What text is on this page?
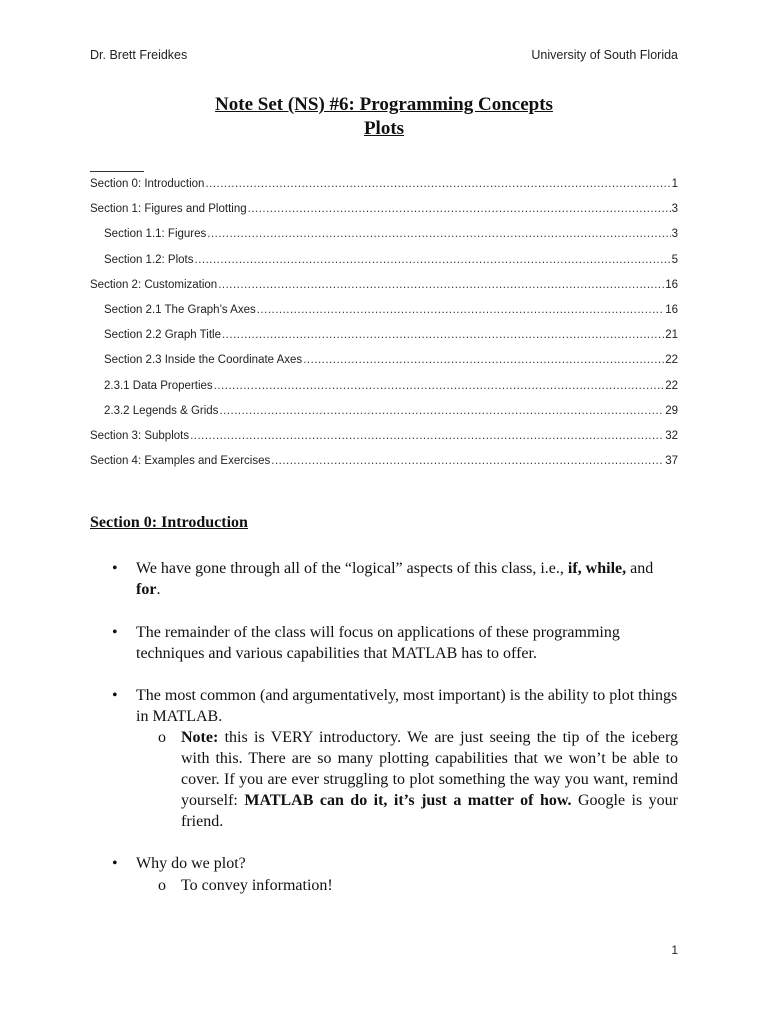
Dr. Brett Freidkes	University of South Florida
Note Set (NS) #6: Programming Concepts
Plots
Section 0: Introduction .....	1
Section 1: Figures and Plotting .....	3
Section 1.1: Figures .....	3
Section 1.2: Plots .....	5
Section 2: Customization .....	16
Section 2.1 The Graph’s Axes .....	16
Section 2.2 Graph Title .....	21
Section 2.3 Inside the Coordinate Axes .....	22
2.3.1 Data Properties .....	22
2.3.2 Legends & Grids .....	29
Section 3: Subplots .....	32
Section 4: Examples and Exercises .....	37
Section 0: Introduction
• We have gone through all of the “logical” aspects of this class, i.e., if, while, and for.
• The remainder of the class will focus on applications of these programming techniques and various capabilities that MATLAB has to offer.
• The most common (and argumentatively, most important) is the ability to plot things in MATLAB.
o Note: this is VERY introductory. We are just seeing the tip of the iceberg with this. There are so many plotting capabilities that we won’t be able to cover. If you are ever struggling to plot something the way you want, remind yourself: MATLAB can do it, it’s just a matter of how. Google is your friend.
• Why do we plot?
o To convey information!
1
